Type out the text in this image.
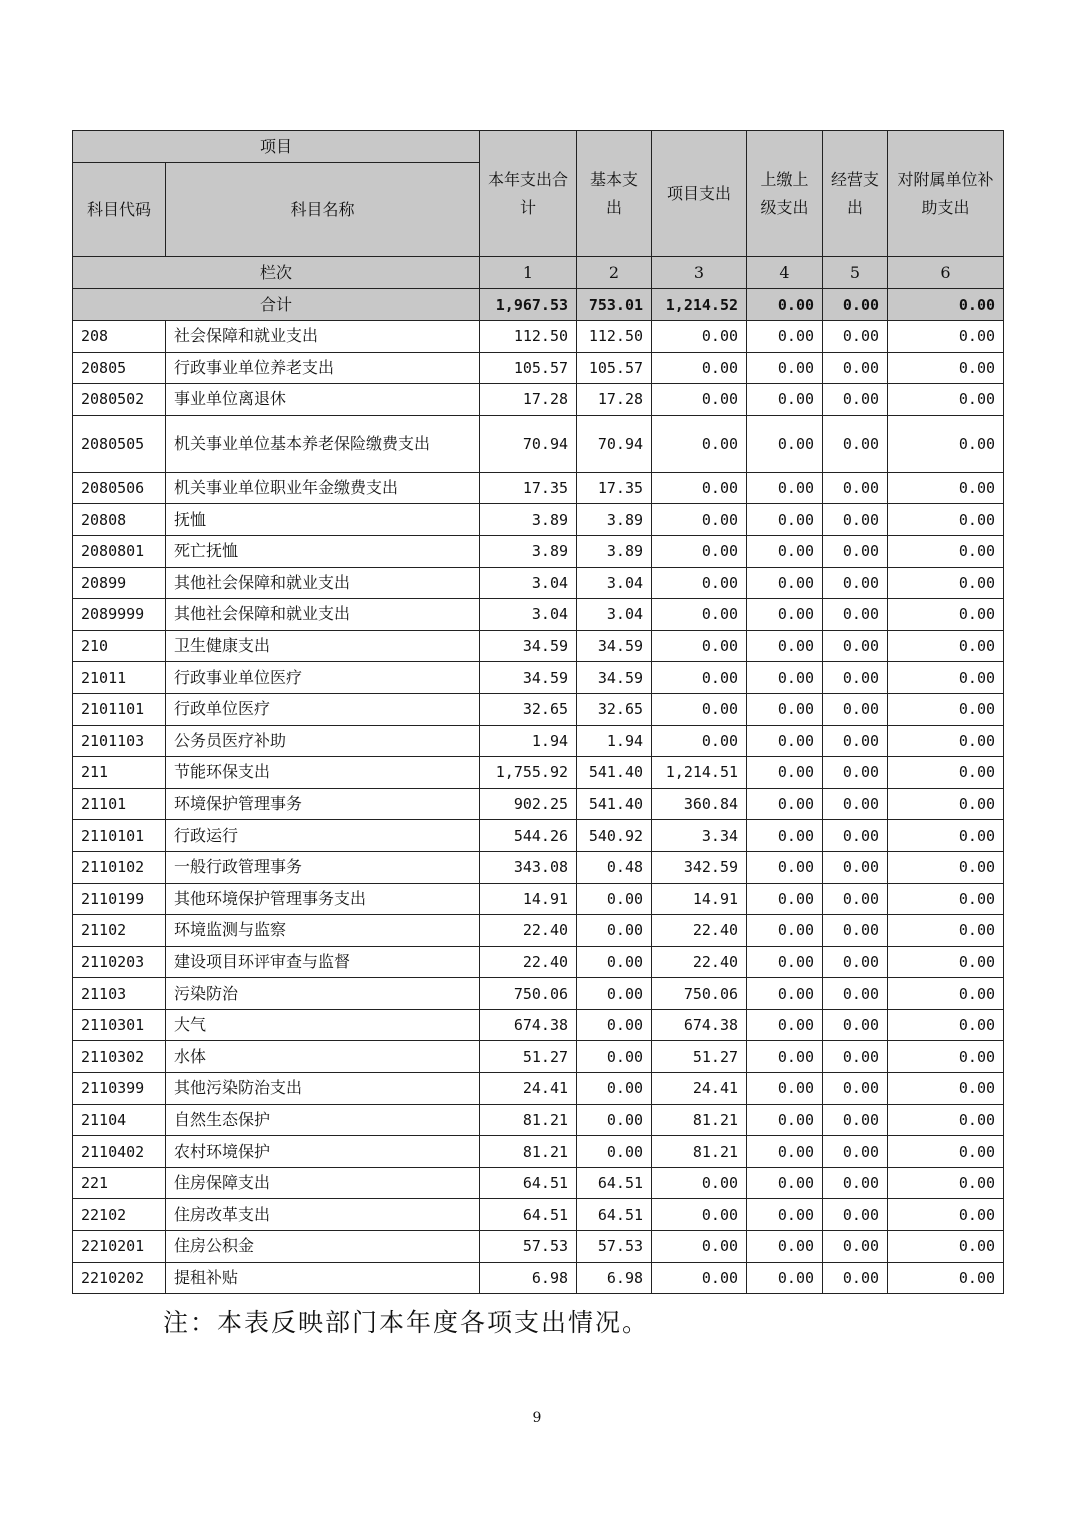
项目		本年支出合计	基本支出	项目支出	上缴上级支出	经营支出	对附属单位补助支出
科目代码	科目名称						
栏次		1	2	3	4	5	6
合计		1,967.53	753.01	1,214.52	0.00	0.00	0.00
208	社会保障和就业支出	112.50	112.50	0.00	0.00	0.00	0.00
20805	行政事业单位养老支出	105.57	105.57	0.00	0.00	0.00	0.00
2080502	事业单位离退休	17.28	17.28	0.00	0.00	0.00	0.00
2080505	机关事业单位基本养老保险缴费支出	70.94	70.94	0.00	0.00	0.00	0.00
2080506	机关事业单位职业年金缴费支出	17.35	17.35	0.00	0.00	0.00	0.00
20808	抚恤	3.89	3.89	0.00	0.00	0.00	0.00
2080801	死亡抚恤	3.89	3.89	0.00	0.00	0.00	0.00
20899	其他社会保障和就业支出	3.04	3.04	0.00	0.00	0.00	0.00
2089999	其他社会保障和就业支出	3.04	3.04	0.00	0.00	0.00	0.00
210	卫生健康支出	34.59	34.59	0.00	0.00	0.00	0.00
21011	行政事业单位医疗	34.59	34.59	0.00	0.00	0.00	0.00
2101101	行政单位医疗	32.65	32.65	0.00	0.00	0.00	0.00
2101103	公务员医疗补助	1.94	1.94	0.00	0.00	0.00	0.00
211	节能环保支出	1,755.92	541.40	1,214.51	0.00	0.00	0.00
21101	环境保护管理事务	902.25	541.40	360.84	0.00	0.00	0.00
2110101	行政运行	544.26	540.92	3.34	0.00	0.00	0.00
2110102	一般行政管理事务	343.08	0.48	342.59	0.00	0.00	0.00
2110199	其他环境保护管理事务支出	14.91	0.00	14.91	0.00	0.00	0.00
21102	环境监测与监察	22.40	0.00	22.40	0.00	0.00	0.00
2110203	建设项目环评审查与监督	22.40	0.00	22.40	0.00	0.00	0.00
21103	污染防治	750.06	0.00	750.06	0.00	0.00	0.00
2110301	大气	674.38	0.00	674.38	0.00	0.00	0.00
2110302	水体	51.27	0.00	51.27	0.00	0.00	0.00
2110399	其他污染防治支出	24.41	0.00	24.41	0.00	0.00	0.00
21104	自然生态保护	81.21	0.00	81.21	0.00	0.00	0.00
2110402	农村环境保护	81.21	0.00	81.21	0.00	0.00	0.00
221	住房保障支出	64.51	64.51	0.00	0.00	0.00	0.00
22102	住房改革支出	64.51	64.51	0.00	0.00	0.00	0.00
2210201	住房公积金	57.53	57.53	0.00	0.00	0.00	0.00
2210202	提租补贴	6.98	6.98	0.00	0.00	0.00	0.00

注：本表反映部门本年度各项支出情况。

9
